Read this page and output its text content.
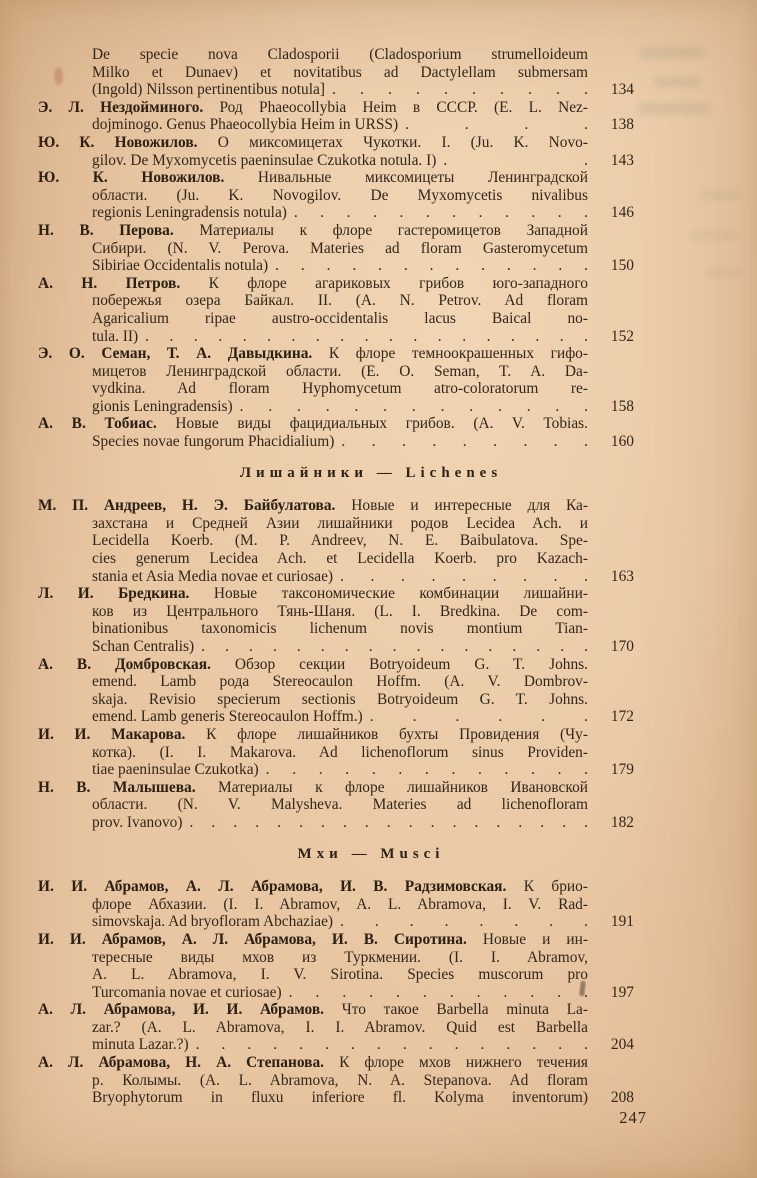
De specie nova Cladosporii (Cladosporium strumelloideum
Milko et Dunaev) et novitatibus ad Dactylellam submersam
(Ingold) Nilsson pertinentibus notula] . . . . . . . . . .	134
Э. Л. Нездойминого. Род Phaeocollybia Heim в СССР. (E. L. Nez-
dojminogo. Genus Phaeocollybia Heim in URSS) . . . .	138
Ю. К. Новожилов. О миксомицетах Чукотки. I. (Ju. K. Novo-
gilov. De Myxomycetis paeninsulae Czukotka notula. I) . .	143
Ю. К. Новожилов. Нивальные миксомицеты Ленинградской
области. (Ju. K. Novogilov. De Myxomycetis nivalibus
regionis Leningradensis notula) . . . . . . . . . . . .	146
Н. В. Перова. Материалы к флоре гастеромицетов Западной
Сибири. (N. V. Perova. Materies ad floram Gasteromycetum
Sibiriae Occidentalis notula) . . . . . . . . . . . . .	150
А. Н. Петров. К флоре агариковых грибов юго-западного
побережья озера Байкал. II. (A. N. Petrov. Ad floram
Agaricalium ripae austro-occidentalis lacus Baical no-
tula. II) . . . . . . . . . . . . . . . . . . .	152
Э. О. Семан, Т. А. Давыдкина. К флоре темноокрашенных гифо-
мицетов Ленинградской области. (E. O. Seman, T. A. Da-
vydkina. Ad floram Hyphomycetum atro-coloratorum re-
gionis Leningradensis) . . . . . . . . . . . . .	158
А. В. Тобиас. Новые виды фацидиальных грибов. (A. V. Tobias.
Species novae fungorum Phacidialium) . . . . . . . . .	160
Лишайники — Lichenes
М. П. Андреев, Н. Э. Байбулатова. Новые и интересные для Ка-
захстана и Средней Азии лишайники родов Lecidea Ach. и
Lecidella Koerb. (M. P. Andreev, N. E. Baibulatova. Spe-
cies generum Lecidea Ach. et Lecidella Koerb. pro Kazach-
stania et Asia Media novae et curiosae) . . . . . . . . .	163
Л. И. Бредкина. Новые таксономические комбинации лишайни-
ков из Центрального Тянь-Шаня. (L. I. Bredkina. De com-
binationibus taxonomicis lichenum novis montium Tian-
Schan Centralis) . . . . . . . . . . . . . . . . .	170
А. В. Домбровская. Обзор секции Botryoideum G. T. Johns.
emend. Lamb рода Stereocaulon Hoffm. (A. V. Dombrov-
skaja. Revisio specierum sectionis Botryoideum G. T. Johns.
emend. Lamb generis Stereocaulon Hoffm.) . . . . . .	172
И. И. Макарова. К флоре лишайников бухты Провидения (Чу-
котка). (I. I. Makarova. Ad lichenoflorum sinus Providen-
tiae paeninsulae Czukotka) . . . . . . . . . . . . .	179
Н. В. Малышева. Материалы к флоре лишайников Ивановской
области. (N. V. Malysheva. Materies ad lichenofloram
prov. Ivanovo) . . . . . . . . . . . . . . . . . . .	182
Мхи — Musci
И. И. Абрамов, А. Л. Абрамова, И. В. Радзимовская. К брио-
флоре Абхазии. (I. I. Abramov, A. L. Abramova, I. V. Rad-
simovskaja. Ad bryofloram Abchaziae) . . . . . . . .	191
И. И. Абрамов, А. Л. Абрамова, И. В. Сиротина. Новые и ин-
тересные виды мхов из Туркмении. (I. I. Abramov,
A. L. Abramova, I. V. Sirotina. Species muscorum pro
Turcomania novae et curiosae) . . . . . . . . . . . .	197
А. Л. Абрамова, И. И. Абрамов. Что такое Barbella minuta La-
zar.? (A. L. Abramova, I. I. Abramov. Quid est Barbella
minuta Lazar.?) . . . . . . . . . . . . . . . .	204
А. Л. Абрамова, Н. А. Степанова. К флоре мхов нижнего течения
р. Колымы. (A. L. Abramova, N. A. Stepanova. Ad floram
Bryophytorum in fluxu inferiore fl. Kolyma inventorum)	208
247
